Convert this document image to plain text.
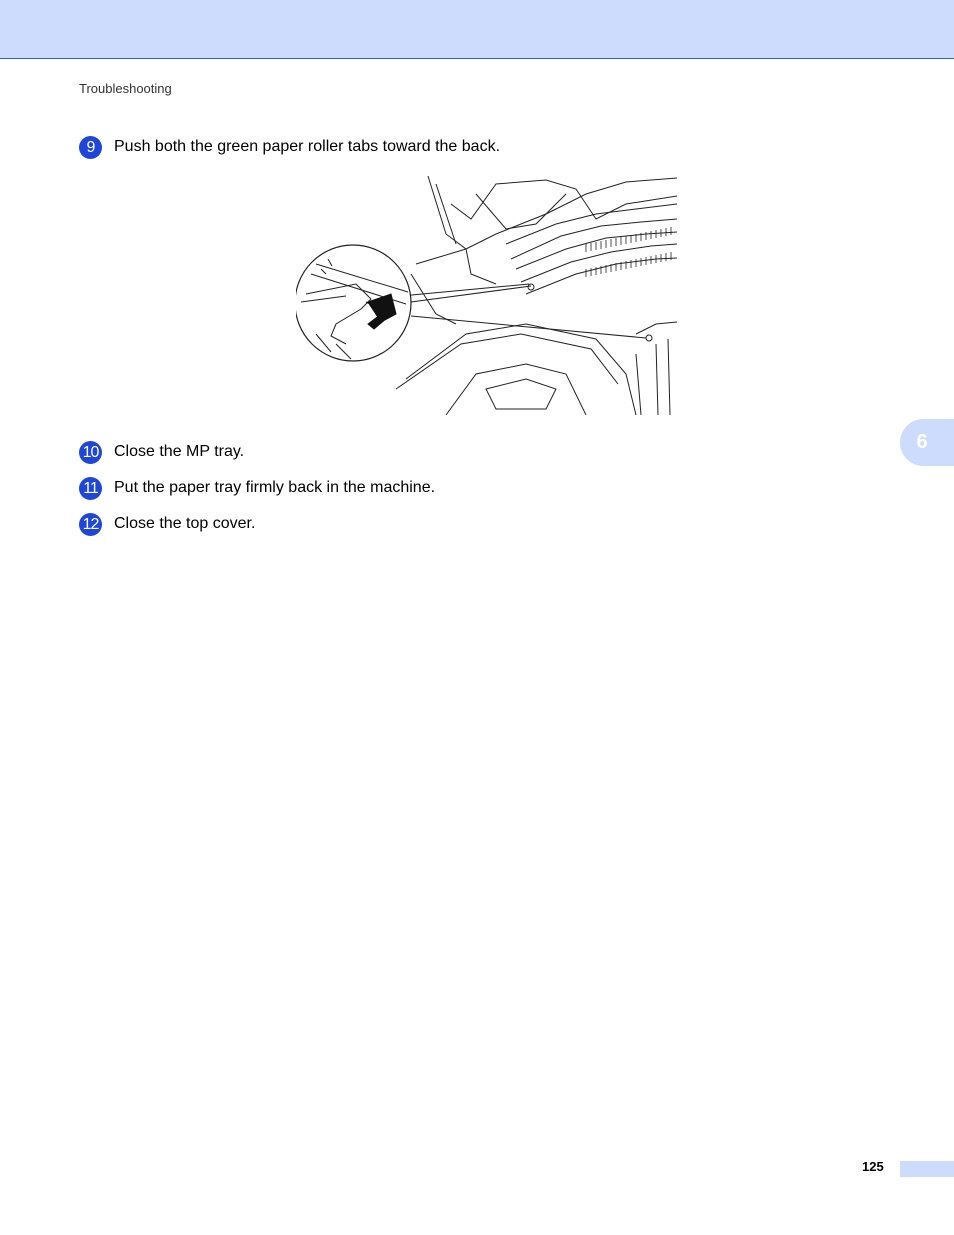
Troubleshooting
9	Push both the green paper roller tabs toward the back.
10 Close the MP tray.
11 Put the paper tray firmly back in the machine.
12 Close the top cover.
6
125
